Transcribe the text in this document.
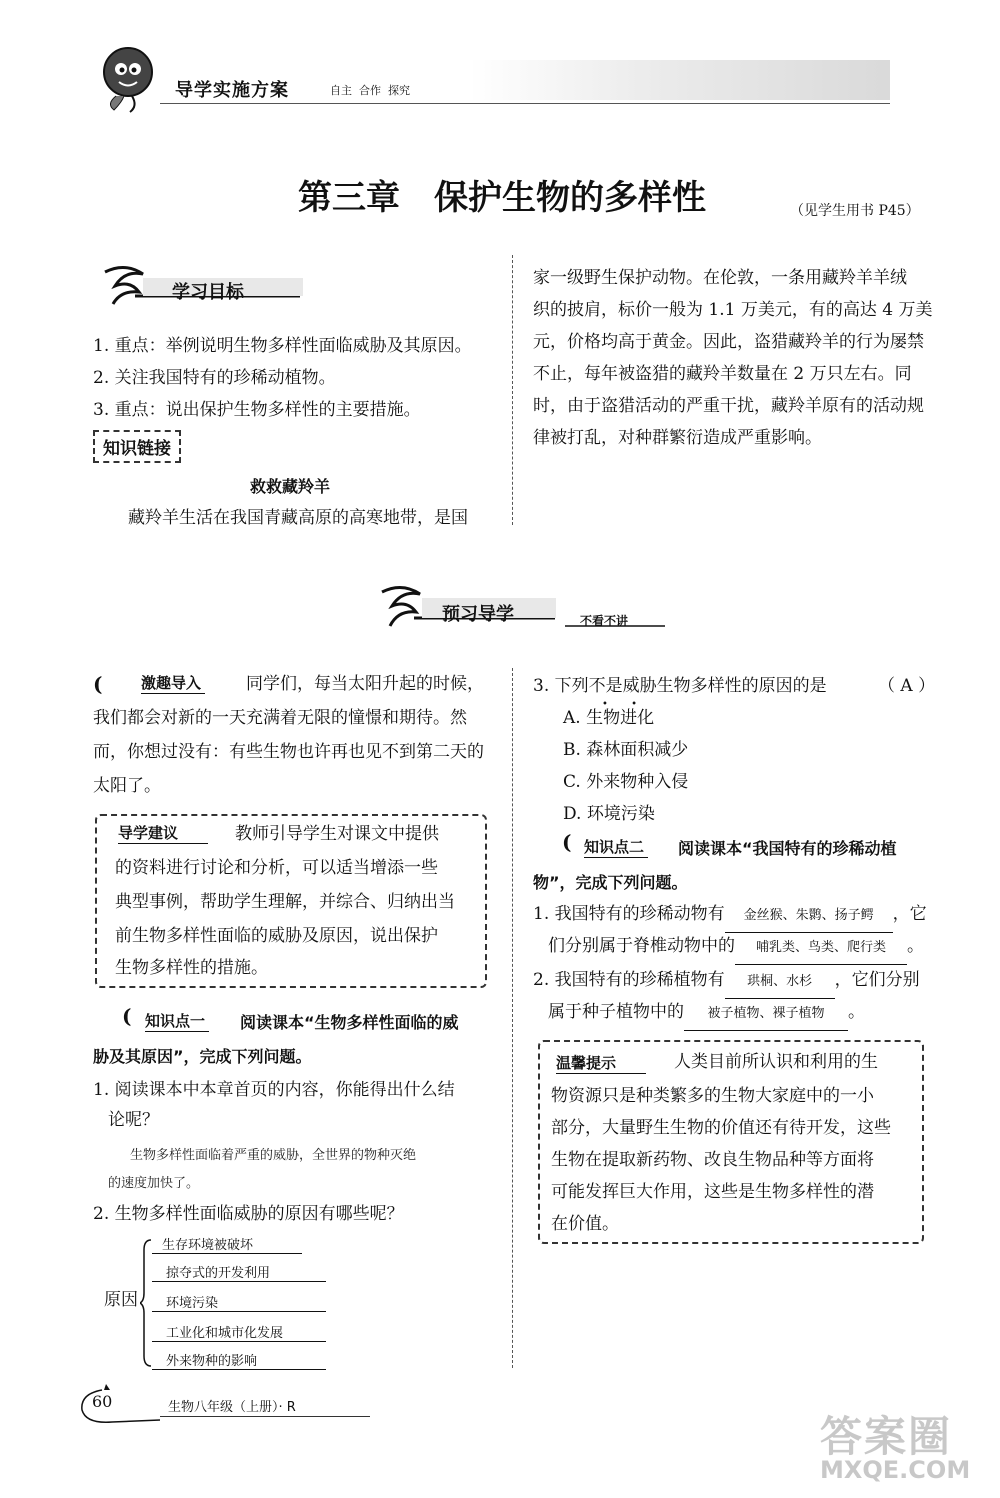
导学实施方案	自主  合作  探究
第三章　保护生物的多样性	（见学生用书 P45）
学习目标
1. 重点：举例说明生物多样性面临威胁及其原因。
2. 关注我国特有的珍稀动植物。
3. 重点：说出保护生物多样性的主要措施。
知识链接
救救藏羚羊
藏羚羊生活在我国青藏高原的高寒地带，是国
家一级野生保护动物。在伦敦，一条用藏羚羊羊绒
织的披肩，标价一般为 1.1 万美元，有的高达 4 万美
元，价格均高于黄金。因此，盗猎藏羚羊的行为屡禁
不止，每年被盗猎的藏羚羊数量在 2 万只左右。同
时，由于盗猎活动的严重干扰，藏羚羊原有的活动规
律被打乱，对种群繁衍造成严重影响。
预习导学	不看不讲
(	激趣导入	同学们，每当太阳升起的时候，
我们都会对新的一天充满着无限的憧憬和期待。然
而，你想过没有：有些生物也许再也见不到第二天的
太阳了。
导学建议	教师引导学生对课文中提供
的资料进行讨论和分析，可以适当增添一些
典型事例，帮助学生理解，并综合、归纳出当
前生物多样性面临的威胁及原因，说出保护
生物多样性的措施。
( 知识点一 阅读课本“生物多样性面临的威
胁及其原因”，完成下列问题。
1. 阅读课本中本章首页的内容，你能得出什么结
论呢？
生物多样性面临着严重的威胁，全世界的物种灭绝
的速度加快了。
2. 生物多样性面临威胁的原因有哪些呢？
原因
生存环境被破坏
掠夺式的开发利用
环境污染
工业化和城市化发展
外来物种的影响
3. 下列不是威胁生物多样性的原因的是
• •
（ A ）
A. 生物进化
B. 森林面积减少
C. 外来物种入侵
D. 环境污染
( 知识点二 阅读课本“我国特有的珍稀动植
物”，完成下列问题。
1. 我国特有的珍稀动物有 金丝猴、朱鹮、扬子鳄 ，它
们分别属于脊椎动物中的 哺乳类、鸟类、爬行类 。
2. 我国特有的珍稀植物有 珙桐、水杉 ，它们分别
属于种子植物中的 被子植物、裸子植物 。
温馨提示	人类目前所认识和利用的生
物资源只是种类繁多的生物大家庭中的一小
部分，大量野生生物的价值还有待开发，这些
生物在提取新药物、改良生物品种等方面将
可能发挥巨大作用，这些是生物多样性的潜
在价值。
60	生物八年级（上册）· R
答案圈
MXQE.COM
